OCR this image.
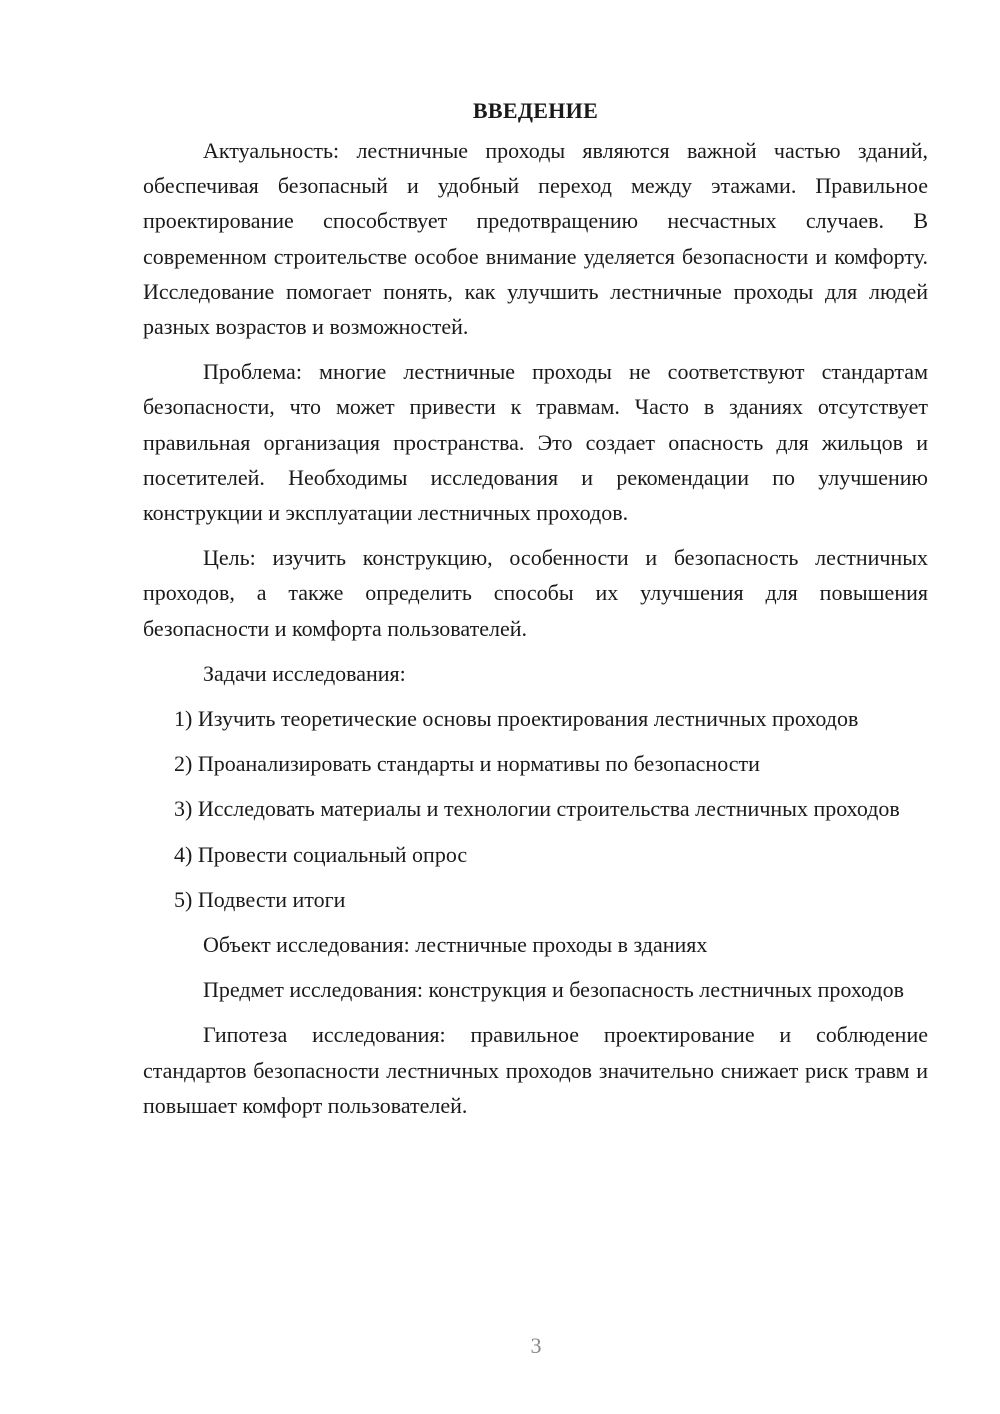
ВВЕДЕНИЕ
Актуальность: лестничные проходы являются важной частью зданий, обеспечивая безопасный и удобный переход между этажами. Правильное проектирование способствует предотвращению несчастных случаев. В современном строительстве особое внимание уделяется безопасности и комфорту. Исследование помогает понять, как улучшить лестничные проходы для людей разных возрастов и возможностей.
Проблема: многие лестничные проходы не соответствуют стандартам безопасности, что может привести к травмам. Часто в зданиях отсутствует правильная организация пространства. Это создает опасность для жильцов и посетителей. Необходимы исследования и рекомендации по улучшению конструкции и эксплуатации лестничных проходов.
Цель: изучить конструкцию, особенности и безопасность лестничных проходов, а также определить способы их улучшения для повышения безопасности и комфорта пользователей.
Задачи исследования:
1) Изучить теоретические основы проектирования лестничных проходов
2) Проанализировать стандарты и нормативы по безопасности
3) Исследовать материалы и технологии строительства лестничных проходов
4) Провести социальный опрос
5) Подвести итоги
Объект исследования: лестничные проходы в зданиях
Предмет исследования: конструкция и безопасность лестничных проходов
Гипотеза исследования: правильное проектирование и соблюдение стандартов безопасности лестничных проходов значительно снижает риск травм и повышает комфорт пользователей.
3
